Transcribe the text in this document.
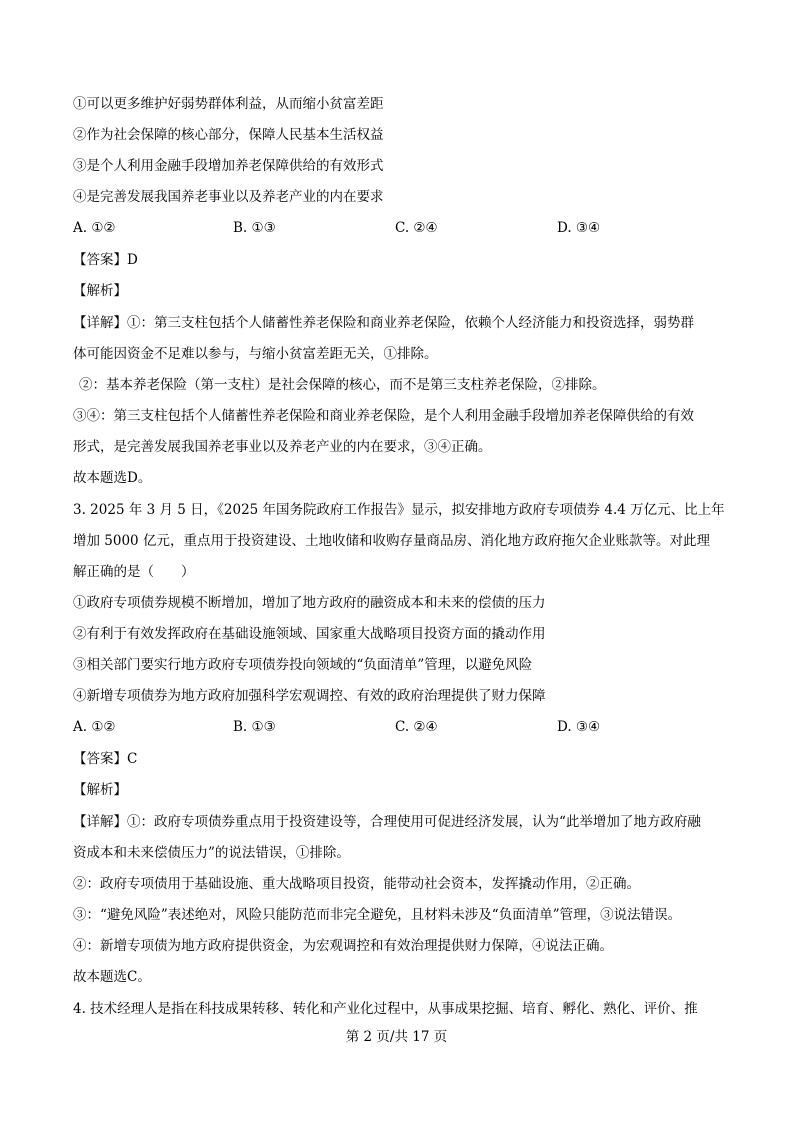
①可以更多维护好弱势群体利益，从而缩小贫富差距
②作为社会保障的核心部分，保障人民基本生活权益
③是个人利用金融手段增加养老保障供给的有效形式
④是完善发展我国养老事业以及养老产业的内在要求
A. ①②	B. ①③	C. ②④	D. ③④
【答案】D
【解析】
【详解】①：第三支柱包括个人储蓄性养老保险和商业养老保险，依赖个人经济能力和投资选择，弱势群
体可能因资金不足难以参与，与缩小贫富差距无关，①排除。
②：基本养老保险（第一支柱）是社会保障的核心，而不是第三支柱养老保险，②排除。
③④：第三支柱包括个人储蓄性养老保险和商业养老保险，是个人利用金融手段增加养老保障供给的有效
形式，是完善发展我国养老事业以及养老产业的内在要求，③④正确。
故本题选D。
3. 2025 年 3 月 5 日，《2025 年国务院政府工作报告》显示，拟安排地方政府专项债券 4.4 万亿元、比上年
增加 5000 亿元，重点用于投资建设、土地收储和收购存量商品房、消化地方政府拖欠企业账款等。对此理
解正确的是（　　）
①政府专项债券规模不断增加，增加了地方政府的融资成本和未来的偿债的压力
②有利于有效发挥政府在基础设施领域、国家重大战略项目投资方面的撬动作用
③相关部门要实行地方政府专项债券投向领域的“负面清单”管理，以避免风险
④新增专项债券为地方政府加强科学宏观调控、有效的政府治理提供了财力保障
A. ①②	B. ①③	C. ②④	D. ③④
【答案】C
【解析】
【详解】①：政府专项债券重点用于投资建设等，合理使用可促进经济发展，认为“此举增加了地方政府融
资成本和未来偿债压力”的说法错误，①排除。
②：政府专项债用于基础设施、重大战略项目投资，能带动社会资本，发挥撬动作用，②正确。
③：“避免风险”表述绝对，风险只能防范而非完全避免，且材料未涉及“负面清单”管理，③说法错误。
④：新增专项债为地方政府提供资金，为宏观调控和有效治理提供财力保障，④说法正确。
故本题选C。
4. 技术经理人是指在科技成果转移、转化和产业化过程中，从事成果挖掘、培育、孵化、熟化、评价、推
第 2 页/共 17 页
